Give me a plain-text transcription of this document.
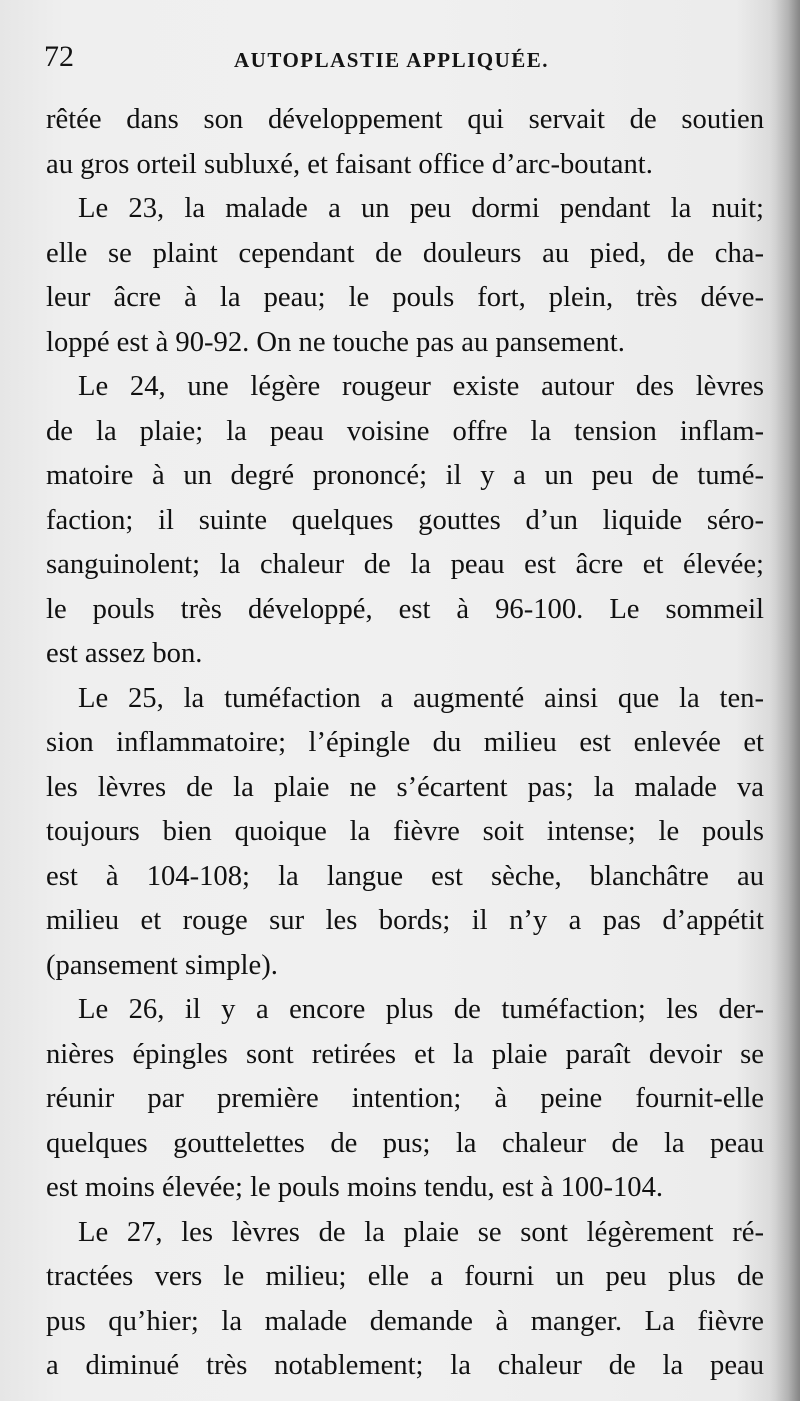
72	AUTOPLASTIE APPLIQUÉE.
rêtée dans son développement qui servait de soutien
au gros orteil subluxé, et faisant office d’arc-boutant.
Le 23, la malade a un peu dormi pendant la nuit;
elle se plaint cependant de douleurs au pied, de cha-
leur âcre à la peau; le pouls fort, plein, très déve-
loppé est à 90-92. On ne touche pas au pansement.
Le 24, une légère rougeur existe autour des lèvres
de la plaie; la peau voisine offre la tension inflam-
matoire à un degré prononcé; il y a un peu de tumé-
faction; il suinte quelques gouttes d’un liquide séro-
sanguinolent; la chaleur de la peau est âcre et élevée;
le pouls très développé, est à 96-100. Le sommeil
est assez bon.
Le 25, la tuméfaction a augmenté ainsi que la ten-
sion inflammatoire; l’épingle du milieu est enlevée et
les lèvres de la plaie ne s’écartent pas; la malade va
toujours bien quoique la fièvre soit intense; le pouls
est à 104-108; la langue est sèche, blanchâtre au
milieu et rouge sur les bords; il n’y a pas d’appétit
(pansement simple).
Le 26, il y a encore plus de tuméfaction; les der-
nières épingles sont retirées et la plaie paraît devoir se
réunir par première intention; à peine fournit-elle
quelques gouttelettes de pus; la chaleur de la peau
est moins élevée; le pouls moins tendu, est à 100-104.
Le 27, les lèvres de la plaie se sont légèrement ré-
tractées vers le milieu; elle a fourni un peu plus de
pus qu’hier; la malade demande à manger. La fièvre
a diminué très notablement; la chaleur de la peau
